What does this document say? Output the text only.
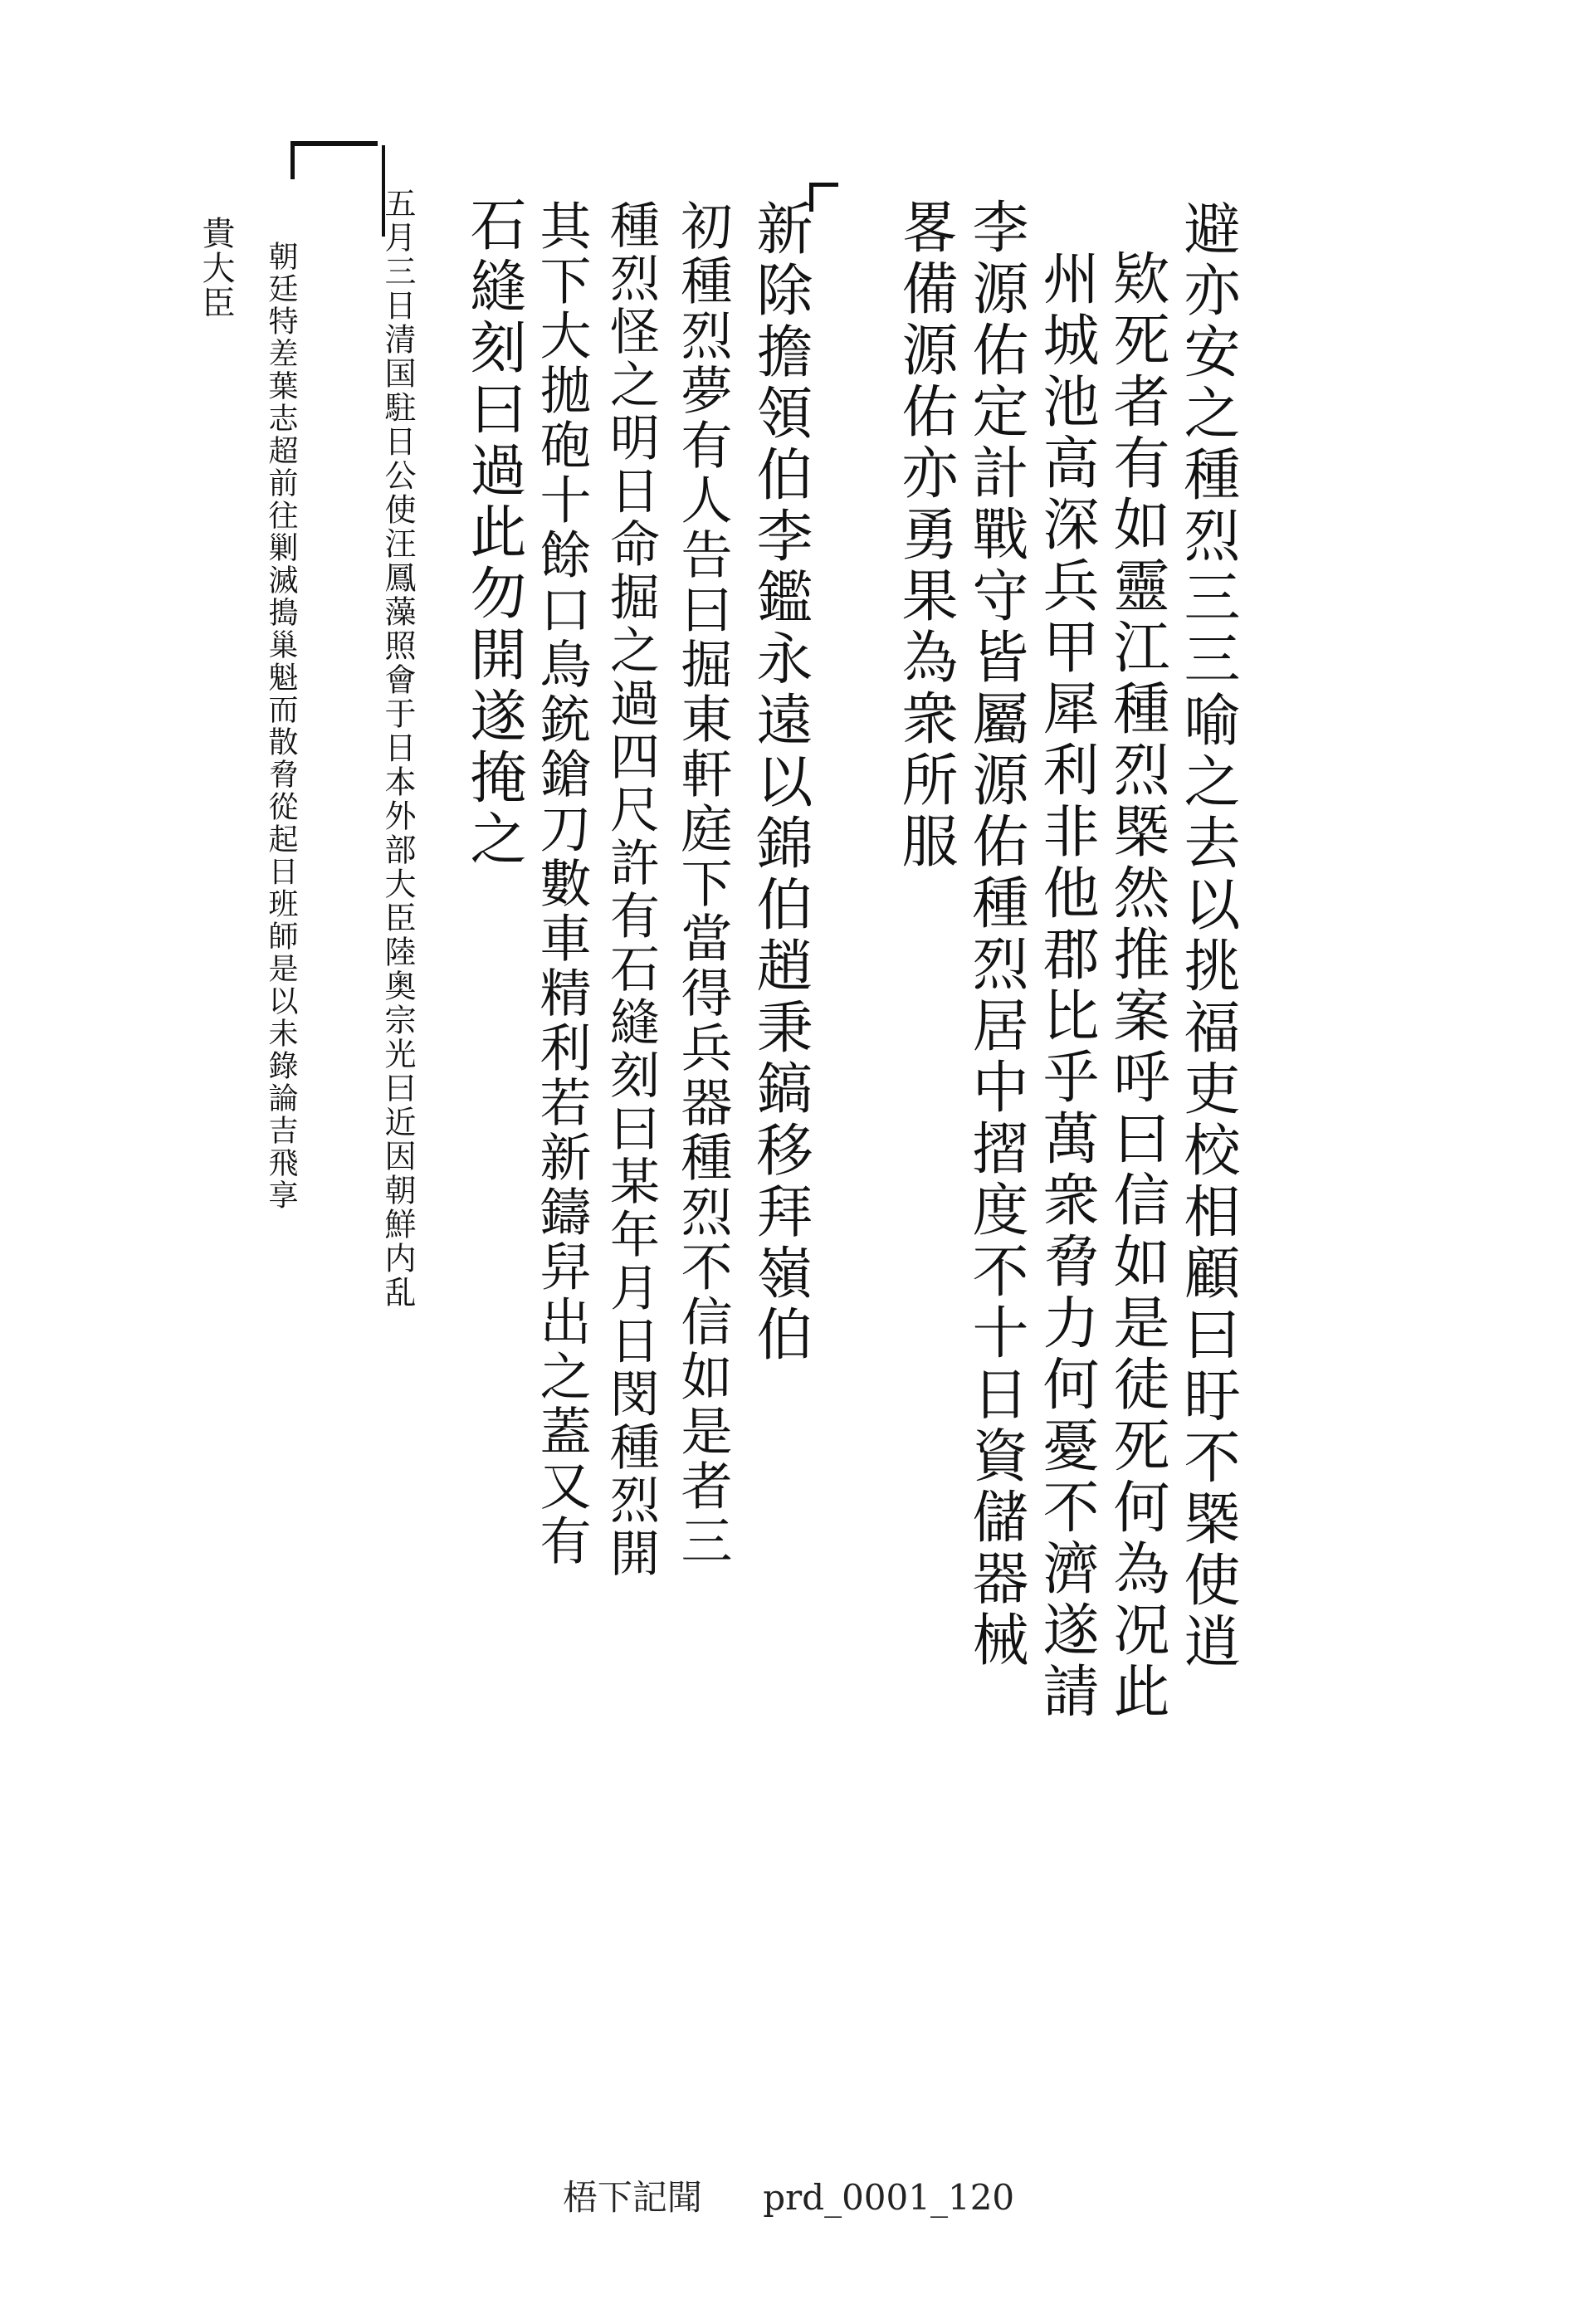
避亦安之種烈三三喻之去以挑福吏校相顧曰盱不槩使逍
欵死者有如靈江種烈槩然推案呼曰信如是徒死何為况此
州城池高深兵甲犀利非他郡比乎萬衆脅力何憂不濟遂請
李源佑定計戰守皆屬源佑種烈居中摺度不十日資儲器械
畧備源佑亦勇果為衆所服
新除擔領伯李鑑永遠以錦伯趙秉鎬移拜嶺伯
初種烈夢有人告曰掘東軒庭下當得兵器種烈不信如是者三
種烈怪之明日命掘之過四尺許有石縫刻曰某年月日閔種烈開
其下大拋砲十餘口鳥銃鎗刀數車精利若新鑄舁出之蓋又有
石縫刻曰過此勿開遂掩之
五月三日清国駐日公使汪鳳藻照會于日本外部大臣陸奥宗光曰近因朝鮮内乱
朝廷特差葉志超前往剿滅搗巢魁而散脅從起日班師是以未錄論吉飛享
貴大臣
梧下記聞 prd_0001_120
